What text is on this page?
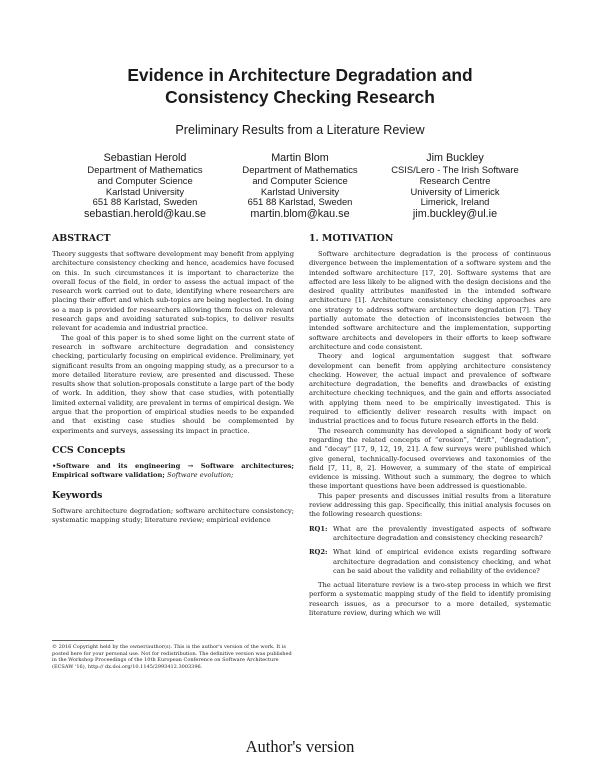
Evidence in Architecture Degradation and
Consistency Checking Research
Preliminary Results from a Literature Review
Sebastian Herold
Department of Mathematics
and Computer Science
Karlstad University
651 88 Karlstad, Sweden
sebastian.herold@kau.se
Martin Blom
Department of Mathematics
and Computer Science
Karlstad University
651 88 Karlstad, Sweden
martin.blom@kau.se
Jim Buckley
CSIS/Lero - The Irish Software
Research Centre
University of Limerick
Limerick, Ireland
jim.buckley@ul.ie
ABSTRACT

Theory suggests that software development may benefit from applying architecture consistency checking and hence, academics have focused on this. In such circumstances it is important to characterize the overall focus of the field, in order to assess the actual impact of the research work carried out to date, identifying where researchers are placing their effort and which sub-topics are being neglected. In doing so a map is provided for researchers allowing them focus on relevant research gaps and avoiding saturated sub-topics, to deliver results relevant for academia and industrial practice.

The goal of this paper is to shed some light on the current state of research in software architecture degradation and consistency checking, particularly focusing on empirical evidence. Preliminary, yet significant results from an ongoing mapping study, as a precursor to a more detailed literature review, are presented and discussed. These results show that solution-proposals constitute a large part of the body of work. In addition, they show that case studies, with potentially limited external validity, are prevalent in terms of empirical design. We argue that the proportion of empirical studies needs to be expanded and that existing case studies should be complemented by experiments and surveys, assessing its impact in practice.

CCS Concepts

•Software and its engineering → Software architectures; Empirical software validation; Software evolution;

Keywords

Software architecture degradation; software architecture consistency; systematic mapping study; literature review; empirical evidence

© 2016 Copyright held by the owner/author(s). This is the author's version of the work. It is posted here for your personal use. Not for redistribution. The definitive version was published in the Workshop Proceedings of the 10th European Conference on Software Architecture (ECSAW '16), http:// dx.doi.org/10.1145/2993412.3003396.
1. MOTIVATION

Software architecture degradation is the process of continuous divergence between the implementation of a software system and the intended software architecture [17, 20]. Software systems that are affected are less likely to be aligned with the design decisions and the desired quality attributes manifested in the intended software architecture [1]. Architecture consistency checking approaches are one strategy to address software architecture degradation [7]. They partially automate the detection of inconsistencies between the intended software architecture and the implementation, supporting software architects and developers in their efforts to keep software architecture and code consistent.

Theory and logical argumentation suggest that software development can benefit from applying architecture consistency checking. However, the actual impact and prevalence of software architecture degradation, the benefits and drawbacks of existing architecture checking techniques, and the gain and efforts associated with applying them need to be empirically investigated. This is required to efficiently deliver research results with impact on industrial practices and to focus future research efforts in the field.

The research community has developed a significant body of work regarding the related concepts of “erosion”, “drift”, “degradation”, and “decay” [17, 9, 12, 19, 21]. A few surveys were published which give general, technically-focused overviews and taxonomies of the field [7, 11, 8, 2]. However, a summary of the state of empirical evidence is missing. Without such a summary, the degree to which these important questions have been addressed is questionable.

This paper presents and discusses initial results from a literature review addressing this gap. Specifically, this initial analysis focuses on the following research questions:

RQ1: What are the prevalently investigated aspects of software architecture degradation and consistency checking research?
RQ2: What kind of empirical evidence exists regarding software architecture degradation and consistency checking, and what can be said about the validity and reliability of the evidence?

The actual literature review is a two-step process in which we first perform a systematic mapping study of the field to identify promising research issues, as a precursor to a more detailed, systematic literature review, during which we will

Author's version
